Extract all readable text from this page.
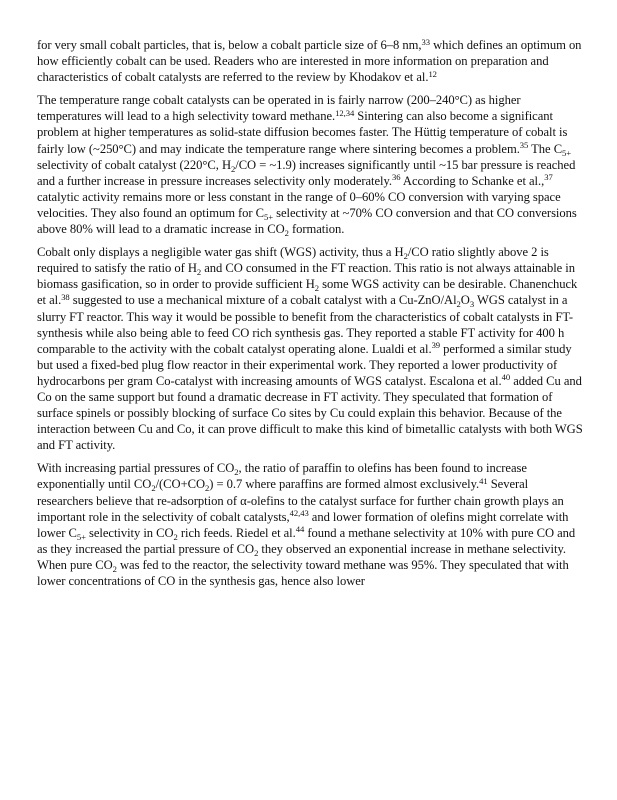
for very small cobalt particles, that is, below a cobalt particle size of 6–8 nm,$^{33}$ which defines an optimum on how efficiently cobalt can be used. Readers who are interested in more information on preparation and characteristics of cobalt catalysts are referred to the review by Khodakov et al.$^{12}$

The temperature range cobalt catalysts can be operated in is fairly narrow (200–240°C) as higher temperatures will lead to a high selectivity toward methane.$^{12,34}$ Sintering can also become a significant problem at higher temperatures as solid-state diffusion becomes faster. The Hüttig temperature of cobalt is fairly low (~250°C) and may indicate the temperature range where sintering becomes a problem.$^{35}$ The $C_{5+}$ selectivity of cobalt catalyst (220°C, $H_2/CO$ = ~1.9) increases significantly until ~15 bar pressure is reached and a further increase in pressure increases selectivity only moderately.$^{36}$ According to Schanke et al.,$^{37}$ catalytic activity remains more or less constant in the range of 0–60% CO conversion with varying space velocities. They also found an optimum for $C_{5+}$ selectivity at ~70% CO conversion and that CO conversions above 80% will lead to a dramatic increase in $CO_2$ formation.

Cobalt only displays a negligible water gas shift (WGS) activity, thus a $H_2/CO$ ratio slightly above 2 is required to satisfy the ratio of $H_2$ and CO consumed in the FT reaction. This ratio is not always attainable in biomass gasification, so in order to provide sufficient $H_2$ some WGS activity can be desirable. Chanenchuck et al.$^{38}$ suggested to use a mechanical mixture of a cobalt catalyst with a $Cu-ZnO/Al_2O_3$ WGS catalyst in a slurry FT reactor. This way it would be possible to benefit from the characteristics of cobalt catalysts in FT-synthesis while also being able to feed CO rich synthesis gas. They reported a stable FT activity for 400 h comparable to the activity with the cobalt catalyst operating alone. Lualdi et al.$^{39}$ performed a similar study but used a fixed-bed plug flow reactor in their experimental work. They reported a lower productivity of hydrocarbons per gram Co-catalyst with increasing amounts of WGS catalyst. Escalona et al.$^{40}$ added Cu and Co on the same support but found a dramatic decrease in FT activity. They speculated that formation of surface spinels or possibly blocking of surface Co sites by Cu could explain this behavior. Because of the interaction between Cu and Co, it can prove difficult to make this kind of bimetallic catalysts with both WGS and FT activity.

With increasing partial pressures of $CO_2$, the ratio of paraffin to olefins has been found to increase exponentially until $CO_2/(CO+CO_2) = 0.7$ where paraffins are formed almost exclusively.$^{41}$ Several researchers believe that re-adsorption of α-olefins to the catalyst surface for further chain growth plays an important role in the selectivity of cobalt catalysts,$^{42,43}$ and lower formation of olefins might correlate with lower $C_{5+}$ selectivity in $CO_2$ rich feeds. Riedel et al.$^{44}$ found a methane selectivity at 10% with pure CO and as they increased the partial pressure of $CO_2$ they observed an exponential increase in methane selectivity. When pure $CO_2$ was fed to the reactor, the selectivity toward methane was 95%. They speculated that with lower concentrations of CO in the synthesis gas, hence also lower
